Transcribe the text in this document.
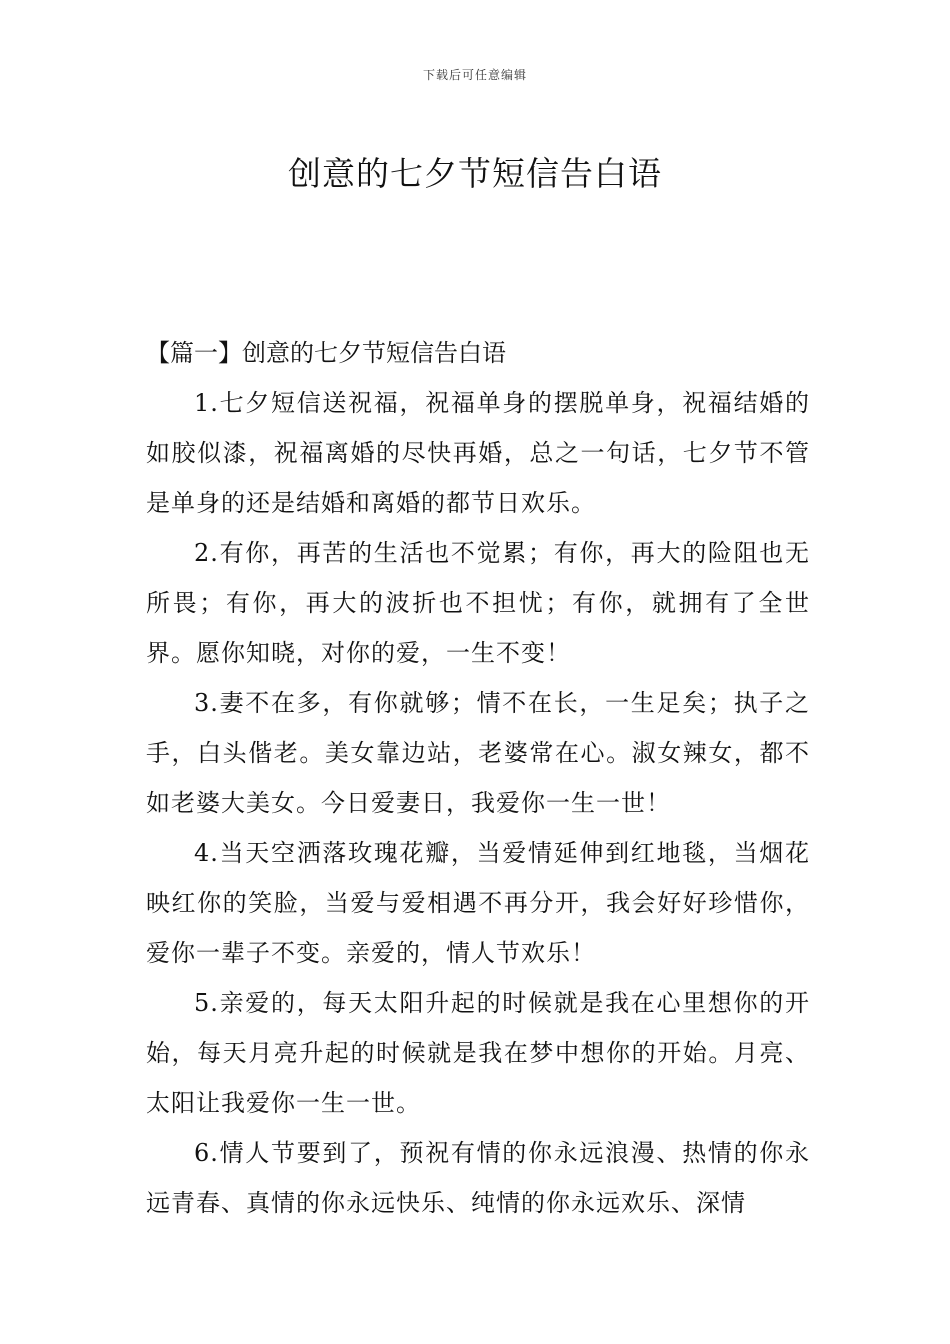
下载后可任意编辑
创意的七夕节短信告白语

【篇一】创意的七夕节短信告白语

1.七夕短信送祝福，祝福单身的摆脱单身，祝福结婚的如胶似漆，祝福离婚的尽快再婚，总之一句话，七夕节不管是单身的还是结婚和离婚的都节日欢乐。

2.有你，再苦的生活也不觉累；有你，再大的险阻也无所畏；有你，再大的波折也不担忧；有你，就拥有了全世界。愿你知晓，对你的爱，一生不变！

3.妻不在多，有你就够；情不在长，一生足矣；执子之手，白头偕老。美女靠边站，老婆常在心。淑女辣女，都不如老婆大美女。今日爱妻日，我爱你一生一世！

4.当天空洒落玫瑰花瓣，当爱情延伸到红地毯，当烟花映红你的笑脸，当爱与爱相遇不再分开，我会好好珍惜你，爱你一辈子不变。亲爱的，情人节欢乐！

5.亲爱的，每天太阳升起的时候就是我在心里想你的开始，每天月亮升起的时候就是我在梦中想你的开始。月亮、太阳让我爱你一生一世。

6.情人节要到了，预祝有情的你永远浪漫、热情的你永远青春、真情的你永远快乐、纯情的你永远欢乐、深情
